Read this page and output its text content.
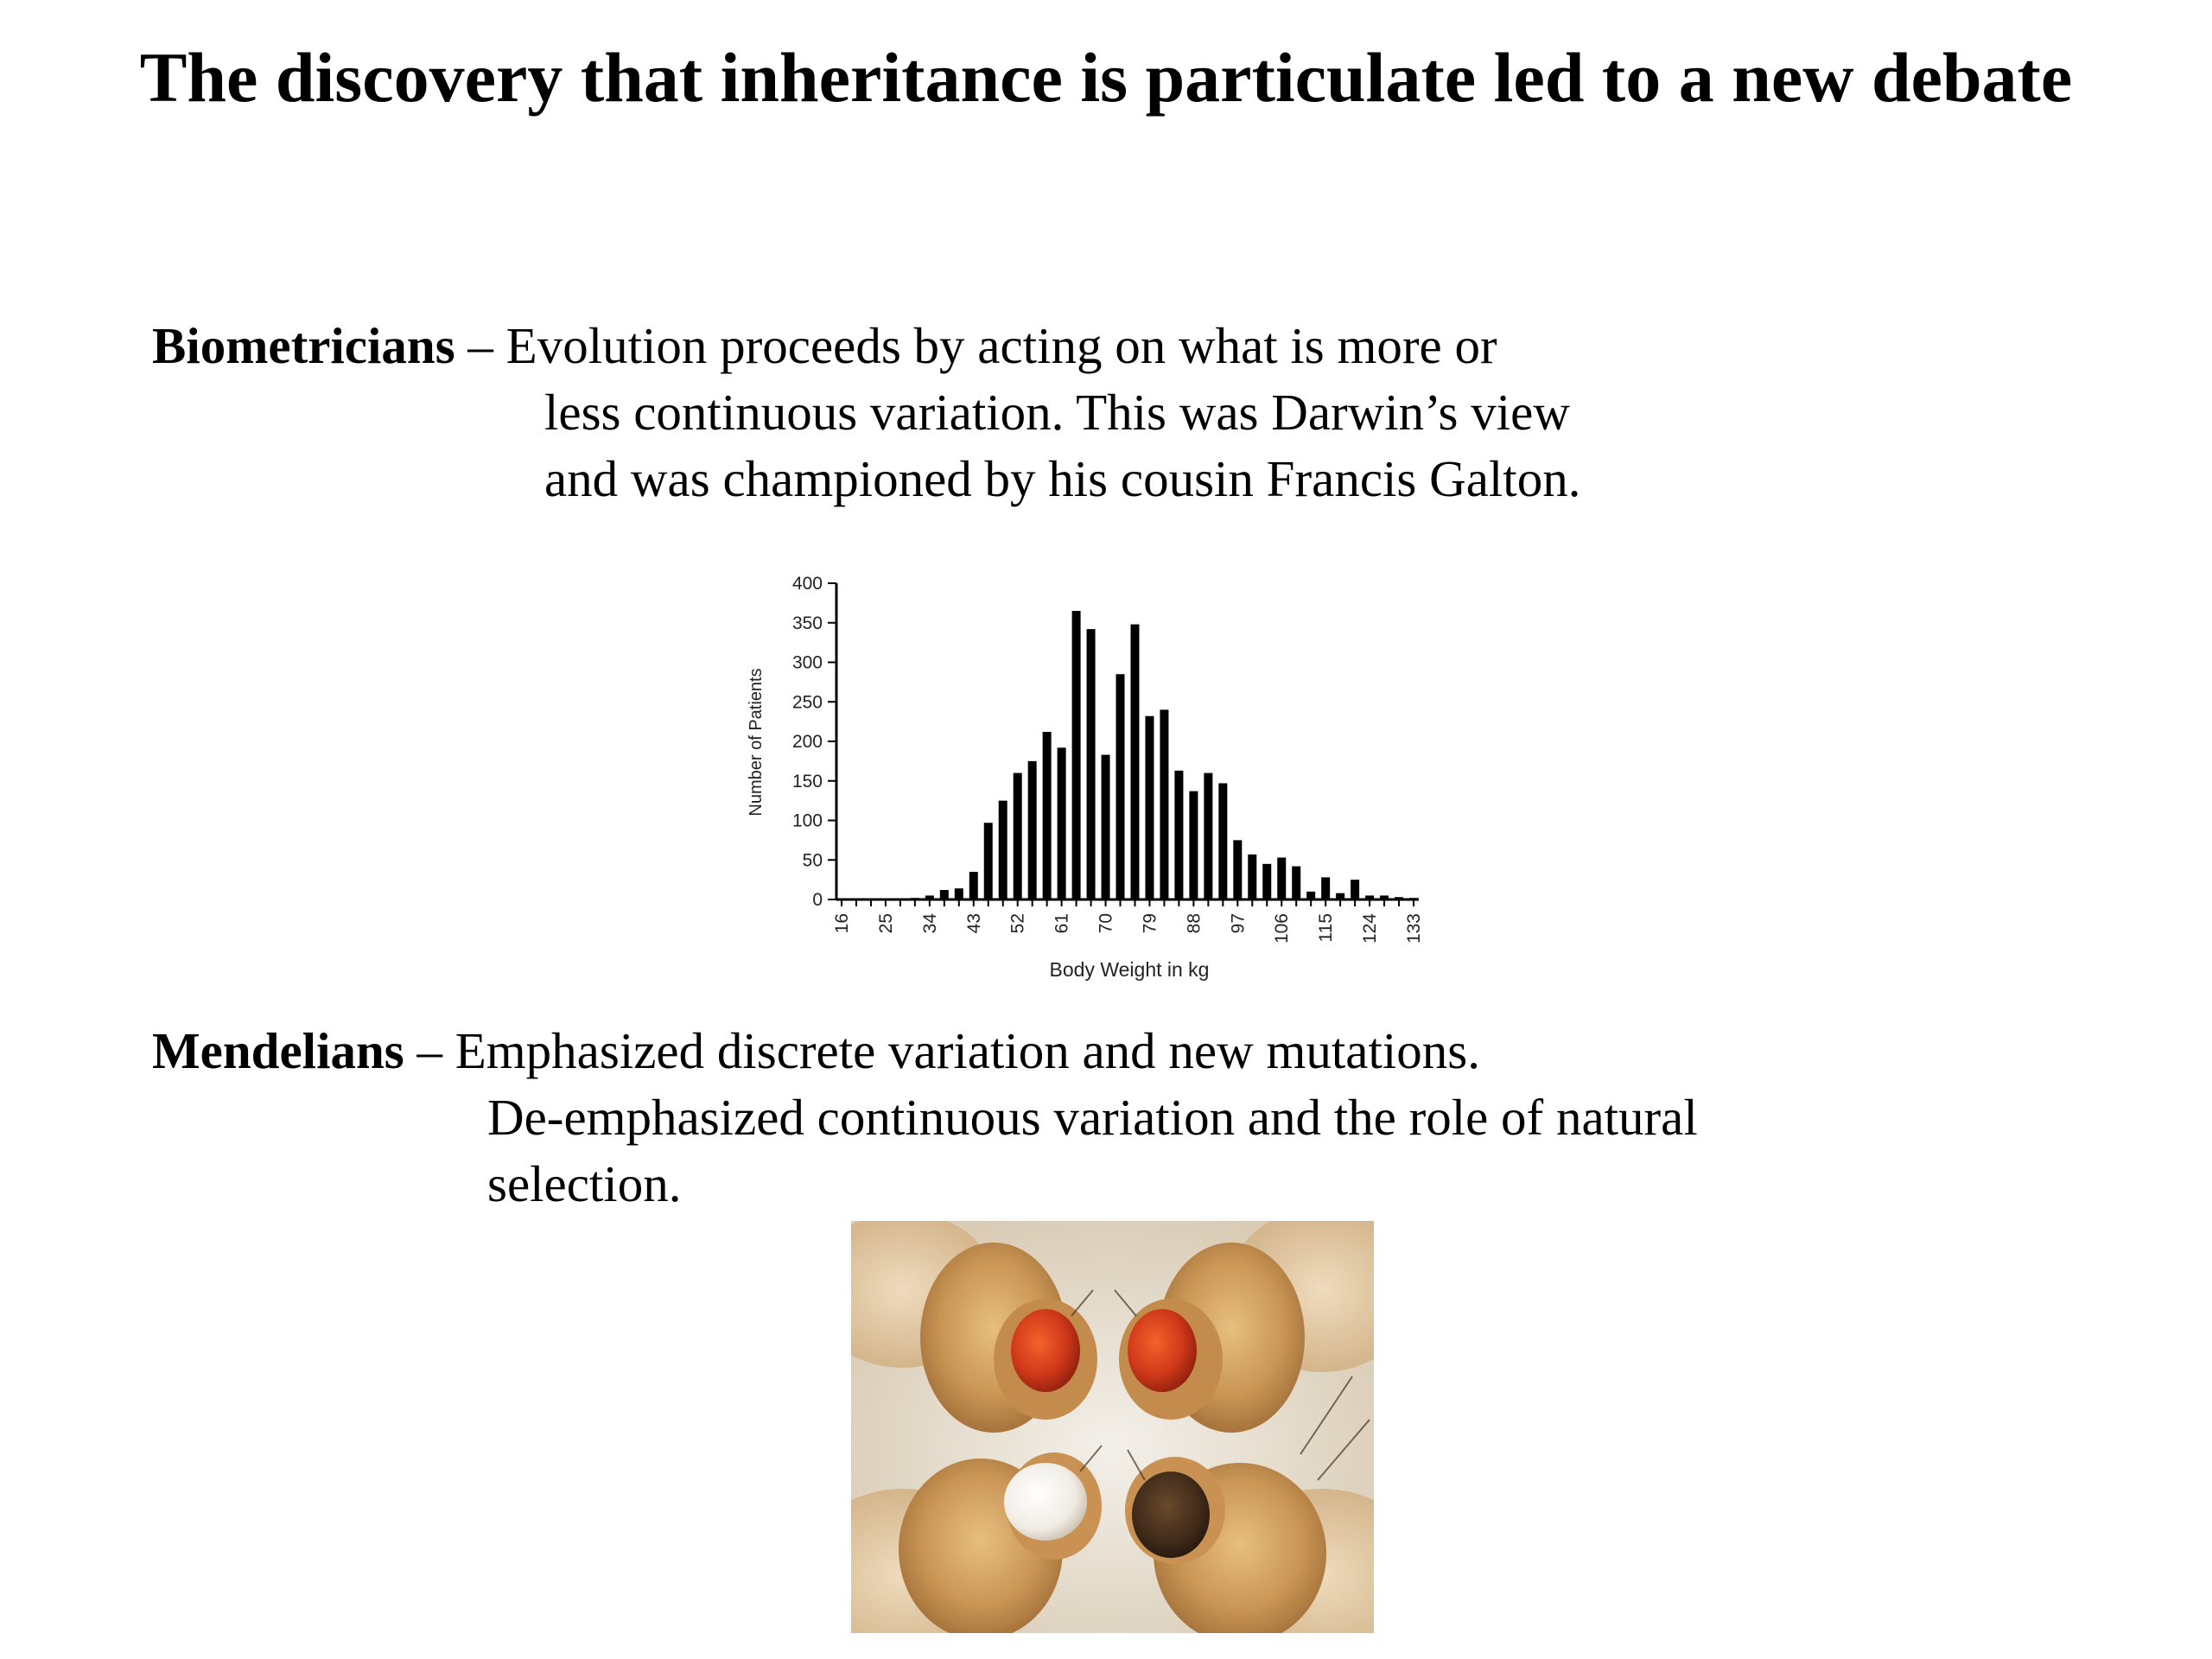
The discovery that inheritance is particulate led to a new debate
Biometricians – Evolution proceeds by acting on what is more or
less continuous variation. This was Darwin’s view
and was championed by his cousin Francis Galton.
0
50
100
150
200
250
300
350
400
16 25 34 43 52 61 70 79 88 97 106 115 124 133
Number of Patients
Body Weight in kg
Mendelians – Emphasized discrete variation and new mutations.
De-emphasized continuous variation and the role of natural
selection.
